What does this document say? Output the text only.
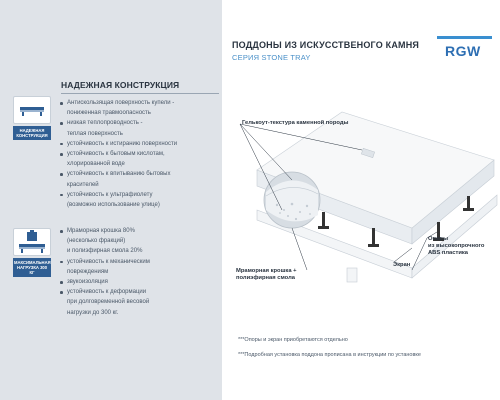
НАДЕЖНАЯ КОНСТРУКЦИЯ
НАДЕЖНАЯ КОНСТРУКЦИЯ
МАКСИМАЛЬНАЯ НАГРУЗКА 300 КГ
Антискользящая поверхность купели -
пониженная травмоопасность
низкая теплопроводность -
теплая поверхность
устойчивость к истиранию поверхности
устойчивость к бытовым кислотам,
хлорированной воде
устойчивость к впитыванию бытовых
красителей
устойчивость к ультрафиолету
(возможно использование улице)
Мраморная крошка 80%
(несколько фракций)
и полиэфирная смола 20%
устойчивость к механическим
повреждениям
звукоизоляция
устойчивость к деформации
при долговременной весовой
нагрузки до 300 кг.
ПОДДОНЫ ИЗ ИСКУССТВЕНОГО КАМНЯ
СЕРИЯ STONE TRAY	RGW
Гелькоут-текстура каменной породы
Мраморная крошка +
полиэфирная смола
Опоры
из высокопрочного
ABS пластика
Экран
***Опоры и экран приобретаются отдельно
***Подробная установка поддона прописана в инструкции по установке
